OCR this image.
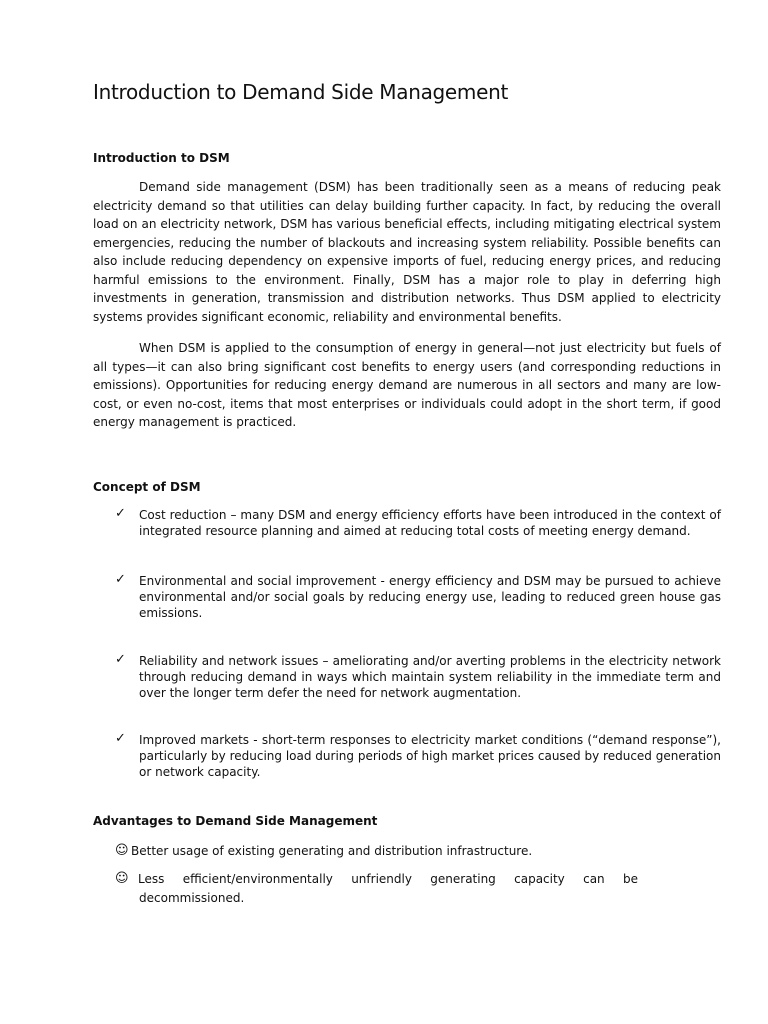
Introduction to Demand Side Management
Introduction to DSM

Demand side management (DSM) has been traditionally seen as a means of reducing peak electricity demand so that utilities can delay building further capacity. In fact, by reducing the overall load on an electricity network, DSM has various beneficial effects, including mitigating electrical system emergencies, reducing the number of blackouts and increasing system reliability. Possible benefits can also include reducing dependency on expensive imports of fuel, reducing energy prices, and reducing harmful emissions to the environment. Finally, DSM has a major role to play in deferring high investments in generation, transmission and distribution networks. Thus DSM applied to electricity systems provides significant economic, reliability and environmental benefits.

When DSM is applied to the consumption of energy in general—not just electricity but fuels of all types—it can also bring significant cost benefits to energy users (and corresponding reductions in emissions). Opportunities for reducing energy demand are numerous in all sectors and many are low-cost, or even no-cost, items that most enterprises or individuals could adopt in the short term, if good energy management is practiced.

Concept of DSM
✓ Cost reduction – many DSM and energy efficiency efforts have been introduced in the context of integrated resource planning and aimed at reducing total costs of meeting energy demand.

✓ Environmental and social improvement - energy efficiency and DSM may be pursued to achieve environmental and/or social goals by reducing energy use, leading to reduced green house gas emissions.

✓ Reliability and network issues – ameliorating and/or averting problems in the electricity network through reducing demand in ways which maintain system reliability in the immediate term and over the longer term defer the need for network augmentation.

✓ Improved markets - short-term responses to electricity market conditions (“demand response”), particularly by reducing load during periods of high market prices caused by reduced generation or network capacity.

Advantages to Demand Side Management
☺ Better usage of existing generating and distribution infrastructure.

☺ Less efficient/environmentally unfriendly generating capacity can be

decommissioned.
